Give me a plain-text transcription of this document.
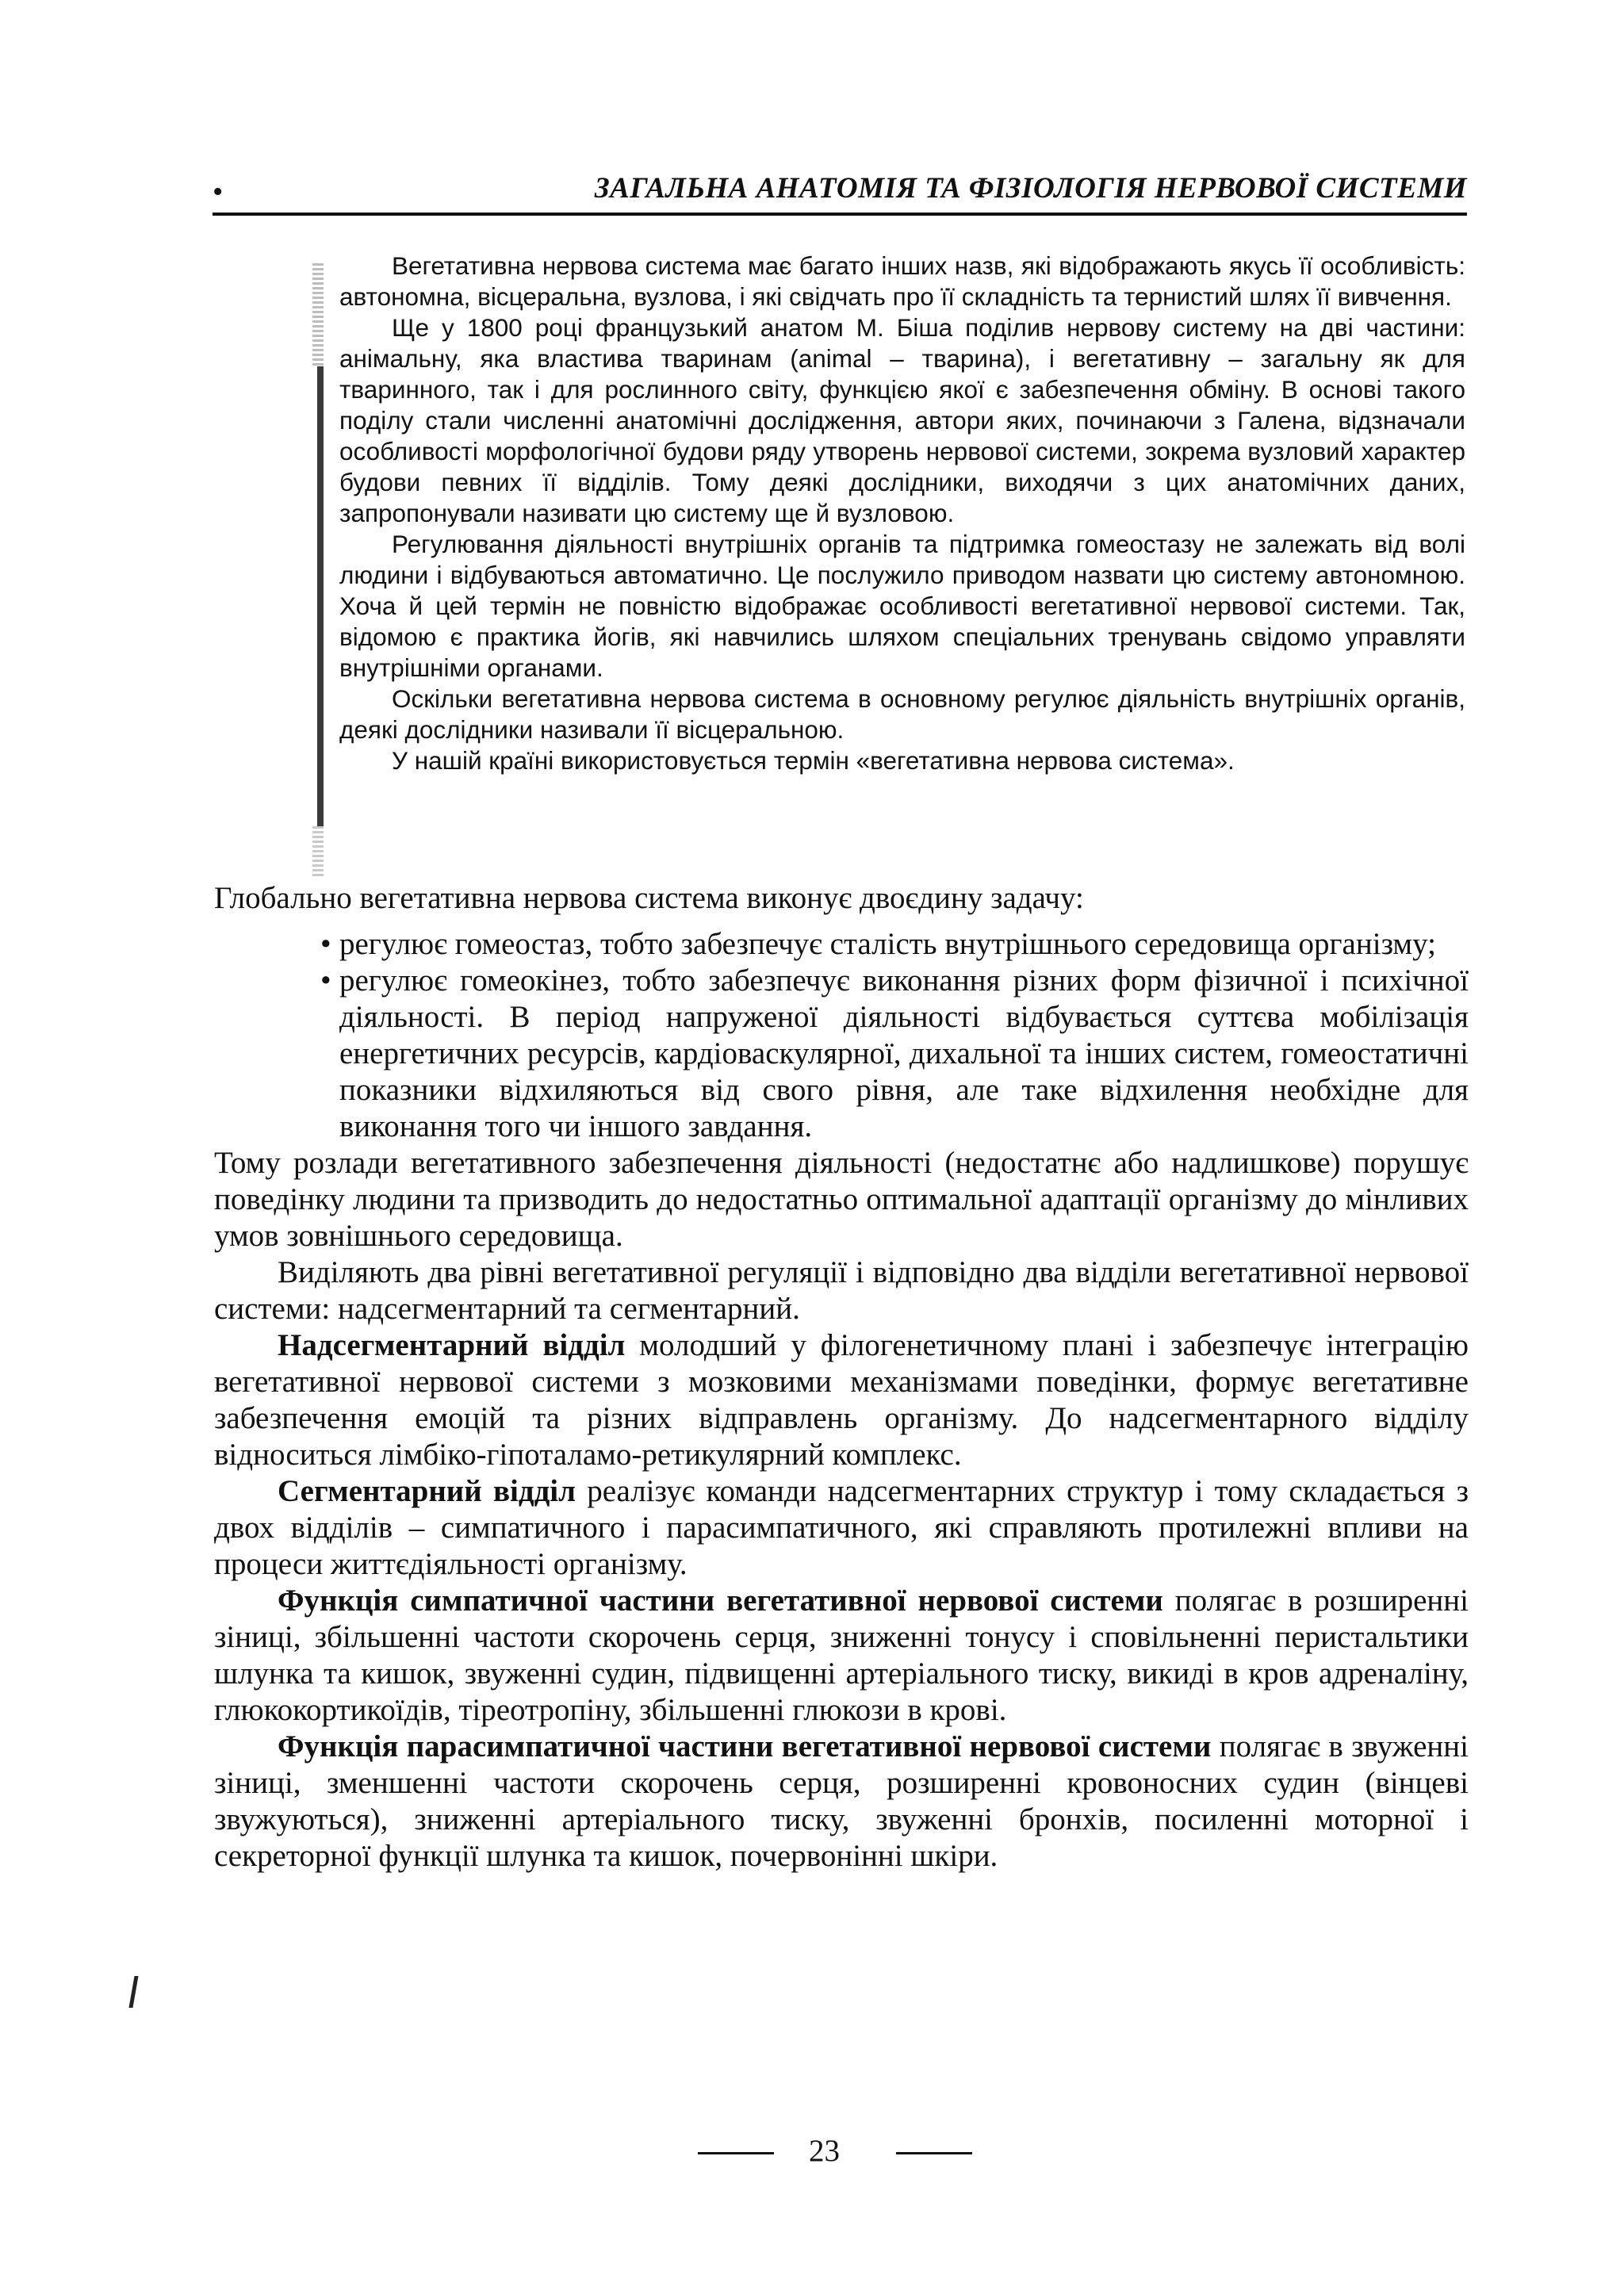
•	ЗАГАЛЬНА АНАТОМІЯ ТА ФІЗІОЛОГІЯ НЕРВОВОЇ СИСТЕМИ

Вегетативна нервова система має багато інших назв, які відображають якусь її особливість: автономна, вісцеральна, вузлова, і які свідчать про її складність та тернистий шлях її вивчення.

Ще у 1800 році французький анатом М. Біша поділив нервову систему на дві частини: анімальну, яка властива тваринам (animal – тварина), і вегетативну – загальну як для тваринного, так і для рослинного світу, функцією якої є забезпечення обміну. В основі такого поділу стали численні анатомічні дослідження, автори яких, починаючи з Галена, відзначали особливості морфологічної будови ряду утворень нервової системи, зокрема вузловий характер будови певних її відділів. Тому деякі дослідники, виходячи з цих анатомічних даних, запропонували називати цю систему ще й вузловою.

Регулювання діяльності внутрішніх органів та підтримка гомеостазу не залежать від волі людини і відбуваються автоматично. Це послужило приводом назвати цю систему автономною. Хоча й цей термін не повністю відображає особливості вегетативної нервової системи. Так, відомою є практика йогів, які навчились шляхом спеціальних тренувань свідомо управляти внутрішніми органами.

Оскільки вегетативна нервова система в основному регулює діяльність внутрішніх органів, деякі дослідники називали її вісцеральною.

У нашій країні використовується термін «вегетативна нервова система».

Глобально вегетативна нервова система виконує двоєдину задачу:

• регулює гомеостаз, тобто забезпечує сталість внутрішнього середовища організму;
• регулює гомеокінез, тобто забезпечує виконання різних форм фізичної і психічної діяльності. В період напруженої діяльності відбувається суттєва мобілізація енергетичних ресурсів, кардіоваскулярної, дихальної та інших систем, гомеостатичні показники відхиляються від свого рівня, але таке відхилення необхідне для виконання того чи іншого завдання.

Тому розлади вегетативного забезпечення діяльності (недостатнє або надлишкове) порушує поведінку людини та призводить до недостатньо оптимальної адаптації організму до мінливих умов зовнішнього середовища.

Виділяють два рівні вегетативної регуляції і відповідно два відділи вегетативної нервової системи: надсегментарний та сегментарний.

Надсегментарний відділ молодший у філогенетичному плані і забезпечує інтеграцію вегетативної нервової системи з мозковими механізмами поведінки, формує вегетативне забезпечення емоцій та різних відправлень організму. До надсегментарного відділу відноситься лімбіко-гіпоталамо-ретикулярний комплекс.

Сегментарний відділ реалізує команди надсегментарних структур і тому складається з двох відділів – симпатичного і парасимпатичного, які справляють протилежні впливи на процеси життєдіяльності організму.

Функція симпатичної частини вегетативної нервової системи полягає в розширенні зіниці, збільшенні частоти скорочень серця, зниженні тонусу і сповільненні перистальтики шлунка та кишок, звуженні судин, підвищенні артеріального тиску, викиді в кров адреналіну, глюкокортикоїдів, тіреотропіну, збільшенні глюкози в крові.

Функція парасимпатичної частини вегетативної нервової системи полягає в звуженні зіниці, зменшенні частоти скорочень серця, розширенні кровоносних судин (вінцеві звужуються), зниженні артеріального тиску, звуженні бронхів, посиленні моторної і секреторної функції шлунка та кишок, почервонінні шкіри.

23
